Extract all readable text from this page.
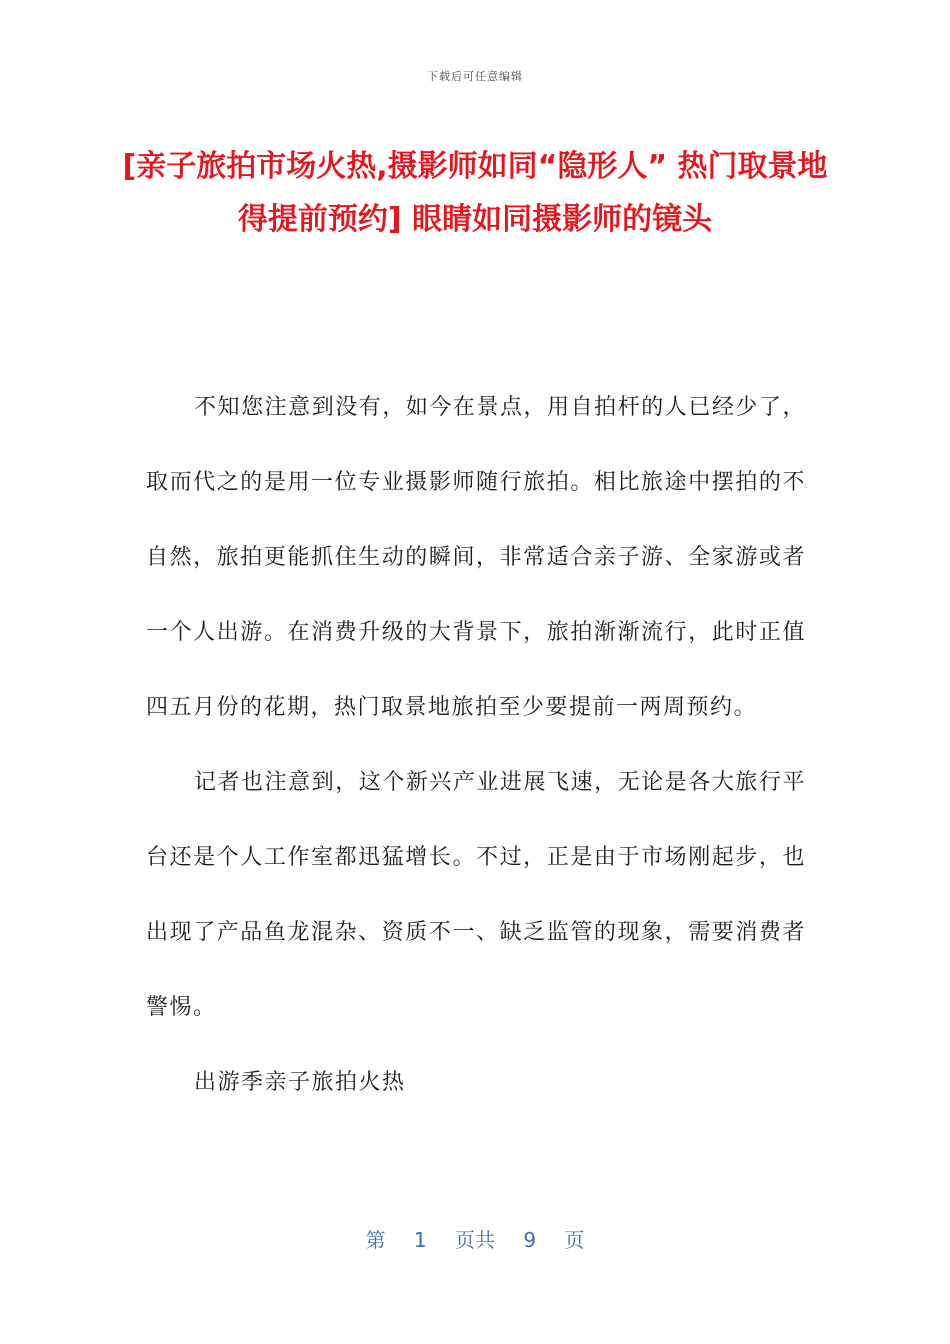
下载后可任意编辑
[亲子旅拍市场火热,摄影师如同“隐形人” 热门取景地得提前预约] 眼睛如同摄影师的镜头

不知您注意到没有，如今在景点，用自拍杆的人已经少了，取而代之的是用一位专业摄影师随行旅拍。相比旅途中摆拍的不自然，旅拍更能抓住生动的瞬间，非常适合亲子游、全家游或者一个人出游。在消费升级的大背景下，旅拍渐渐流行，此时正值四五月份的花期，热门取景地旅拍至少要提前一两周预约。

记者也注意到，这个新兴产业进展飞速，无论是各大旅行平台还是个人工作室都迅猛增长。不过，正是由于市场刚起步，也出现了产品鱼龙混杂、资质不一、缺乏监管的现象，需要消费者警惕。

出游季亲子旅拍火热

第 1 页共 9 页
